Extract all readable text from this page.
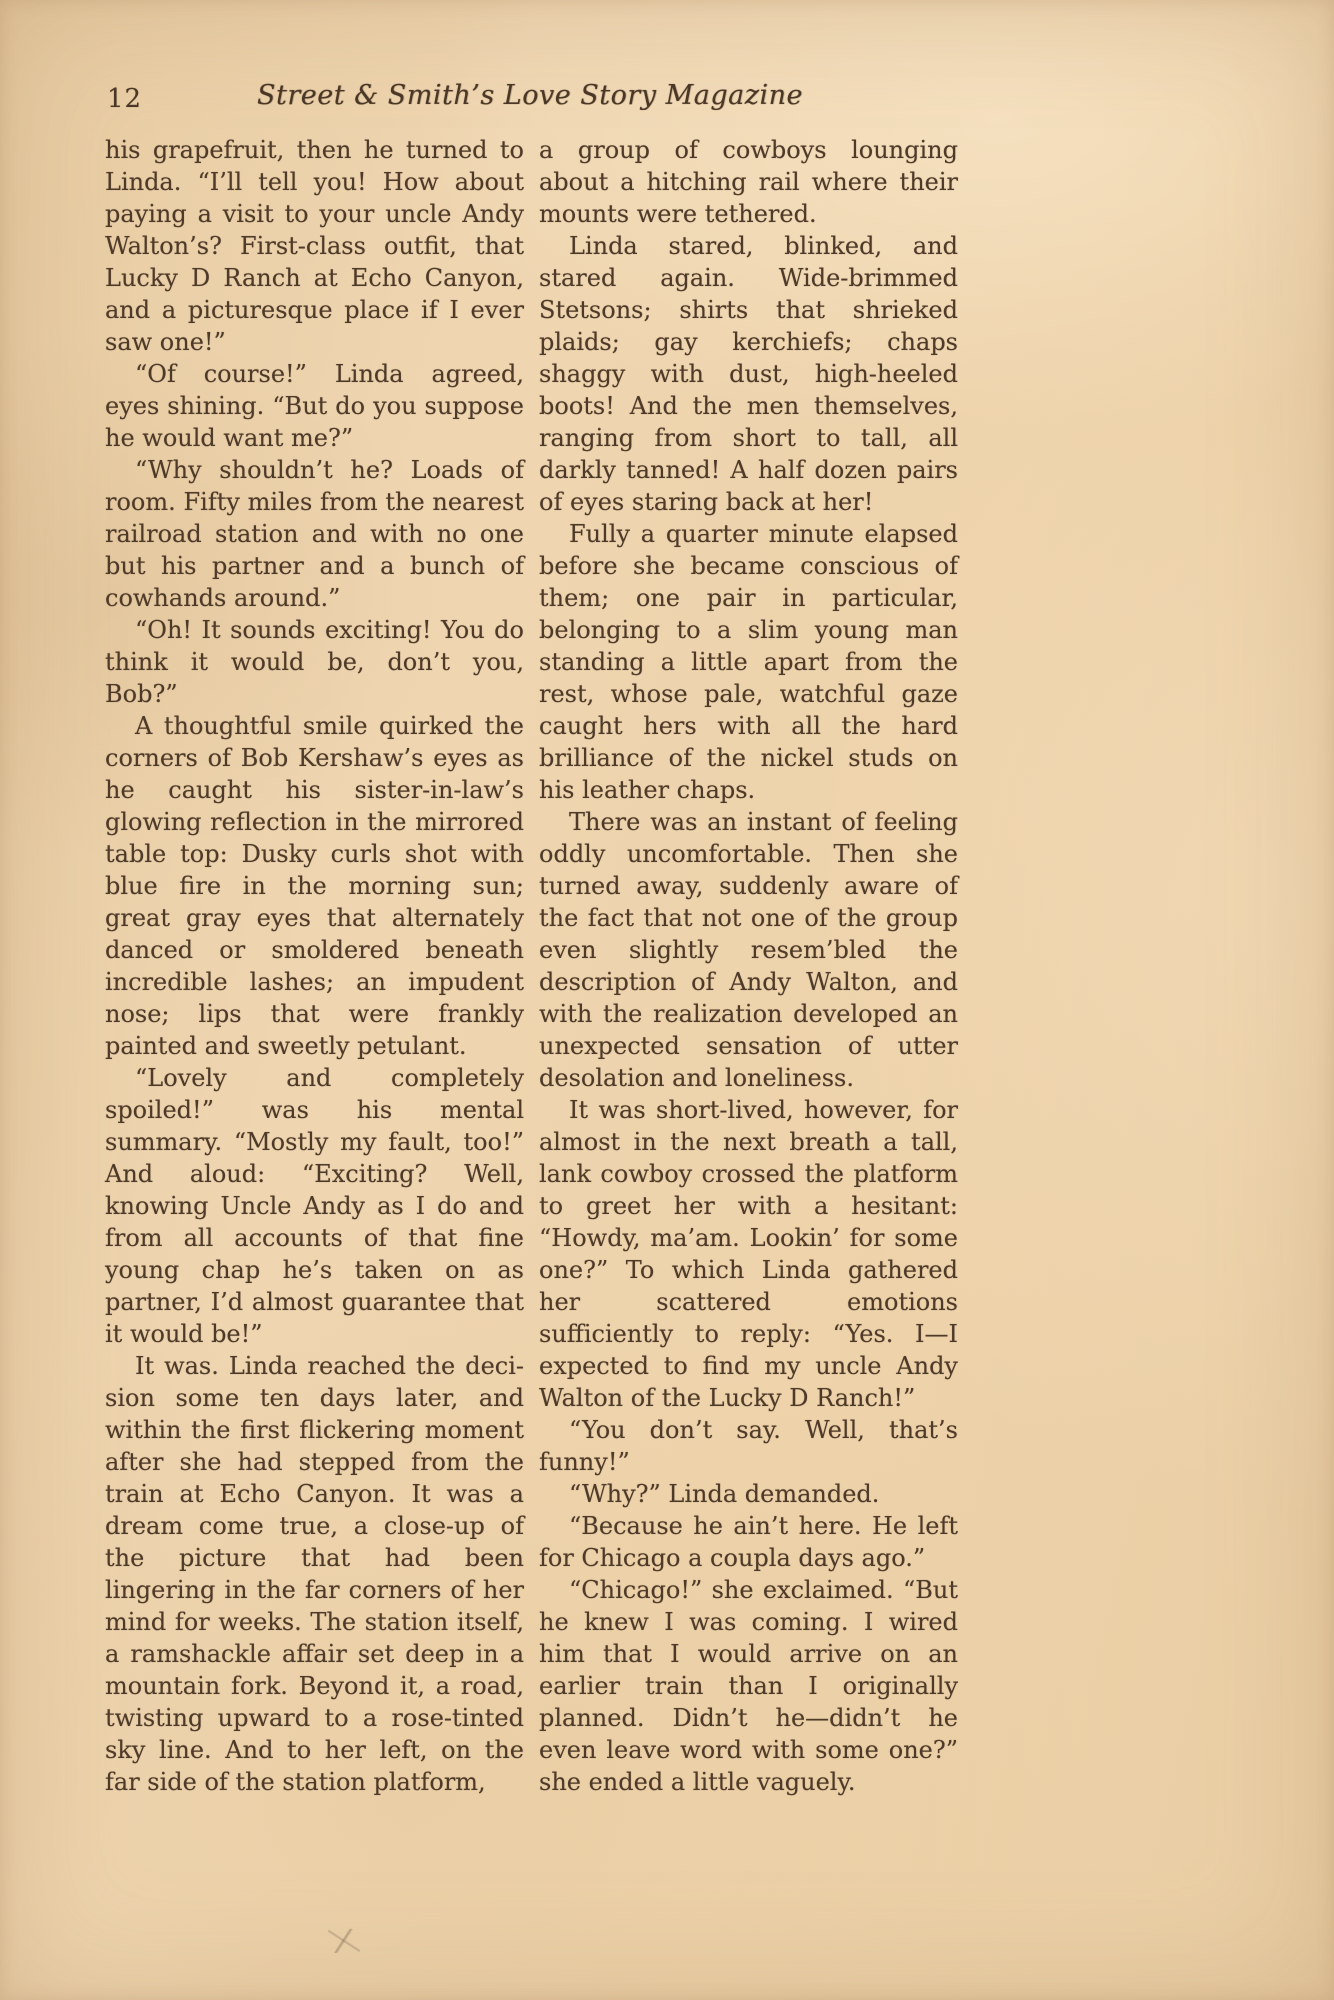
12	Street & Smith’s Love Story Magazine

his grapefruit, then he turned to Linda. “I’ll tell you! How about paying a visit to your uncle Andy Walton’s? First-class outfit, that Lucky D Ranch at Echo Canyon, and a picturesque place if I ever saw one!”

“Of course!” Linda agreed, eyes shining. “But do you suppose he would want me?”

“Why shouldn’t he? Loads of room. Fifty miles from the nearest railroad station and with no one but his partner and a bunch of cowhands around.”

“Oh! It sounds exciting! You do think it would be, don’t you, Bob?”

A thoughtful smile quirked the corners of Bob Kershaw’s eyes as he caught his sister-in-law’s glowing reflection in the mirrored table top: Dusky curls shot with blue fire in the morning sun; great gray eyes that alternately danced or smoldered beneath incredible lashes; an impudent nose; lips that were frankly painted and sweetly petulant.

“Lovely and completely spoiled!” was his mental summary. “Mostly my fault, too!” And aloud: “Exciting? Well, knowing Uncle Andy as I do and from all accounts of that fine young chap he’s taken on as partner, I’d almost guarantee that it would be!”

It was. Linda reached the decision some ten days later, and within the first flickering moment after she had stepped from the train at Echo Canyon. It was a dream come true, a close-up of the picture that had been lingering in the far corners of her mind for weeks. The station itself, a ramshackle affair set deep in a mountain fork. Beyond it, a road, twisting upward to a rose-tinted sky line. And to her left, on the far side of the station platform,

a group of cowboys lounging about a hitching rail where their mounts were tethered.

Linda stared, blinked, and stared again. Wide-brimmed Stetsons; shirts that shrieked plaids; gay kerchiefs; chaps shaggy with dust, high-heeled boots! And the men themselves, ranging from short to tall, all darkly tanned! A half dozen pairs of eyes staring back at her!

Fully a quarter minute elapsed before she became conscious of them; one pair in particular, belonging to a slim young man standing a little apart from the rest, whose pale, watchful gaze caught hers with all the hard brilliance of the nickel studs on his leather chaps.

There was an instant of feeling oddly uncomfortable. Then she turned away, suddenly aware of the fact that not one of the group even slightly resem’bled the description of Andy Walton, and with the realization developed an unexpected sensation of utter desolation and loneliness.

It was short-lived, however, for almost in the next breath a tall, lank cowboy crossed the platform to greet her with a hesitant: “Howdy, ma’am. Lookin’ for some one?” To which Linda gathered her scattered emotions sufficiently to reply: “Yes. I—I expected to find my uncle Andy Walton of the Lucky D Ranch!”

“You don’t say. Well, that’s funny!”

“Why?” Linda demanded.

“Because he ain’t here. He left for Chicago a coupla days ago.”

“Chicago!” she exclaimed. “But he knew I was coming. I wired him that I would arrive on an earlier train than I originally planned. Didn’t he—didn’t he even leave word with some one?” she ended a little vaguely.
